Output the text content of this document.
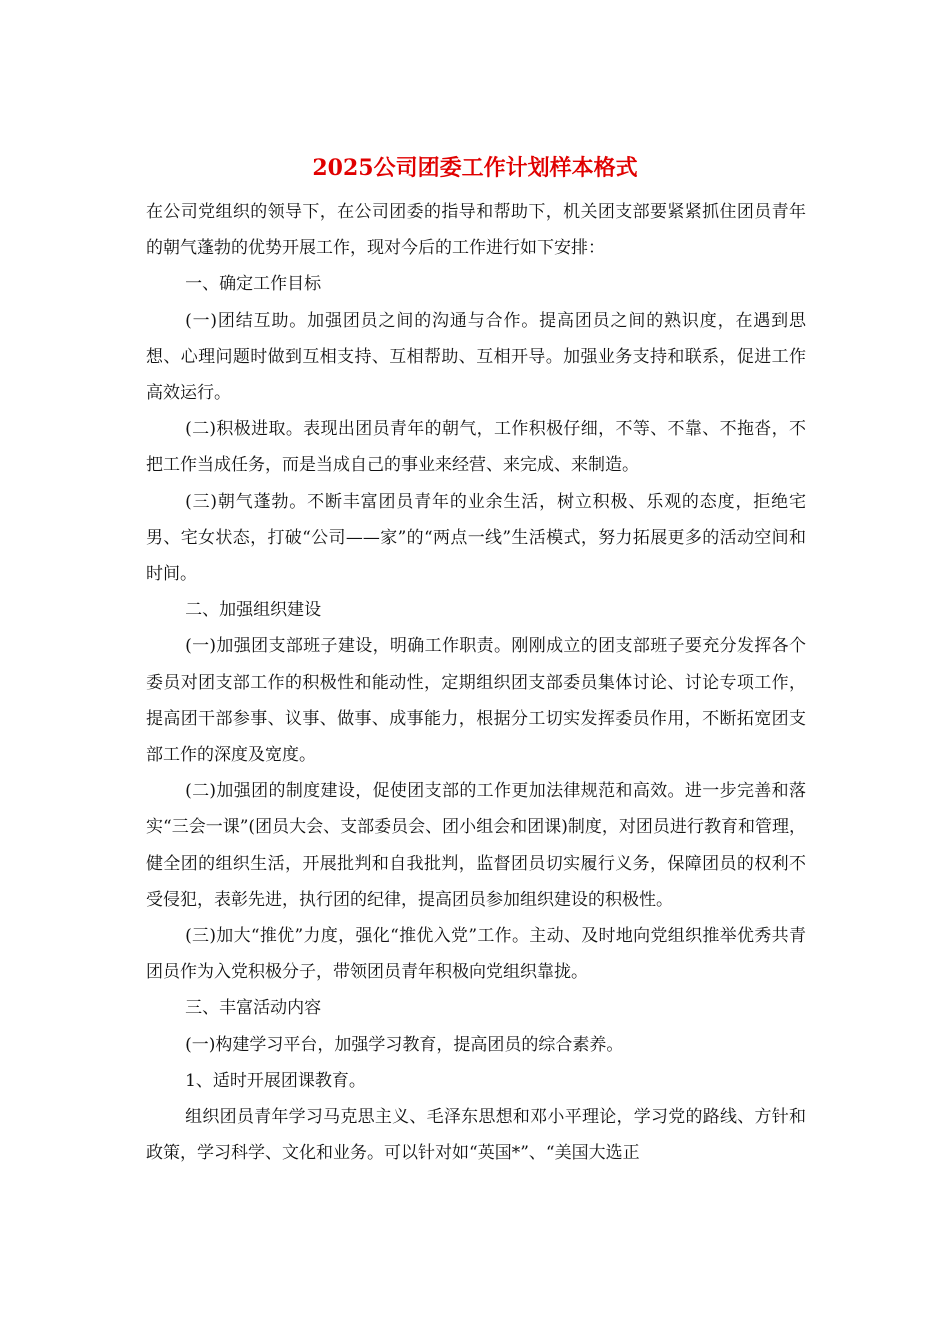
2025公司团委工作计划样本格式

在公司党组织的领导下，在公司团委的指导和帮助下，机关团支部要紧紧抓住团员青年的朝气蓬勃的优势开展工作，现对今后的工作进行如下安排：

一、确定工作目标

(一)团结互助。加强团员之间的沟通与合作。提高团员之间的熟识度，在遇到思想、心理问题时做到互相支持、互相帮助、互相开导。加强业务支持和联系，促进工作高效运行。

(二)积极进取。表现出团员青年的朝气，工作积极仔细，不等、不靠、不拖沓，不把工作当成任务，而是当成自己的事业来经营、来完成、来制造。

(三)朝气蓬勃。不断丰富团员青年的业余生活，树立积极、乐观的态度，拒绝宅男、宅女状态，打破“公司——家”的“两点一线”生活模式，努力拓展更多的活动空间和时间。

二、加强组织建设

(一)加强团支部班子建设，明确工作职责。刚刚成立的团支部班子要充分发挥各个委员对团支部工作的积极性和能动性，定期组织团支部委员集体讨论、讨论专项工作，提高团干部参事、议事、做事、成事能力，根据分工切实发挥委员作用，不断拓宽团支部工作的深度及宽度。

(二)加强团的制度建设，促使团支部的工作更加法律规范和高效。进一步完善和落实“三会一课”(团员大会、支部委员会、团小组会和团课)制度，对团员进行教育和管理，健全团的组织生活，开展批判和自我批判，监督团员切实履行义务，保障团员的权利不受侵犯，表彰先进，执行团的纪律，提高团员参加组织建设的积极性。

(三)加大“推优”力度，强化“推优入党”工作。主动、及时地向党组织推举优秀共青团员作为入党积极分子，带领团员青年积极向党组织靠拢。

三、丰富活动内容

(一)构建学习平台，加强学习教育，提高团员的综合素养。

1、适时开展团课教育。

组织团员青年学习马克思主义、毛泽东思想和邓小平理论，学习党的路线、方针和政策，学习科学、文化和业务。可以针对如“英国*”、“美国大选正
